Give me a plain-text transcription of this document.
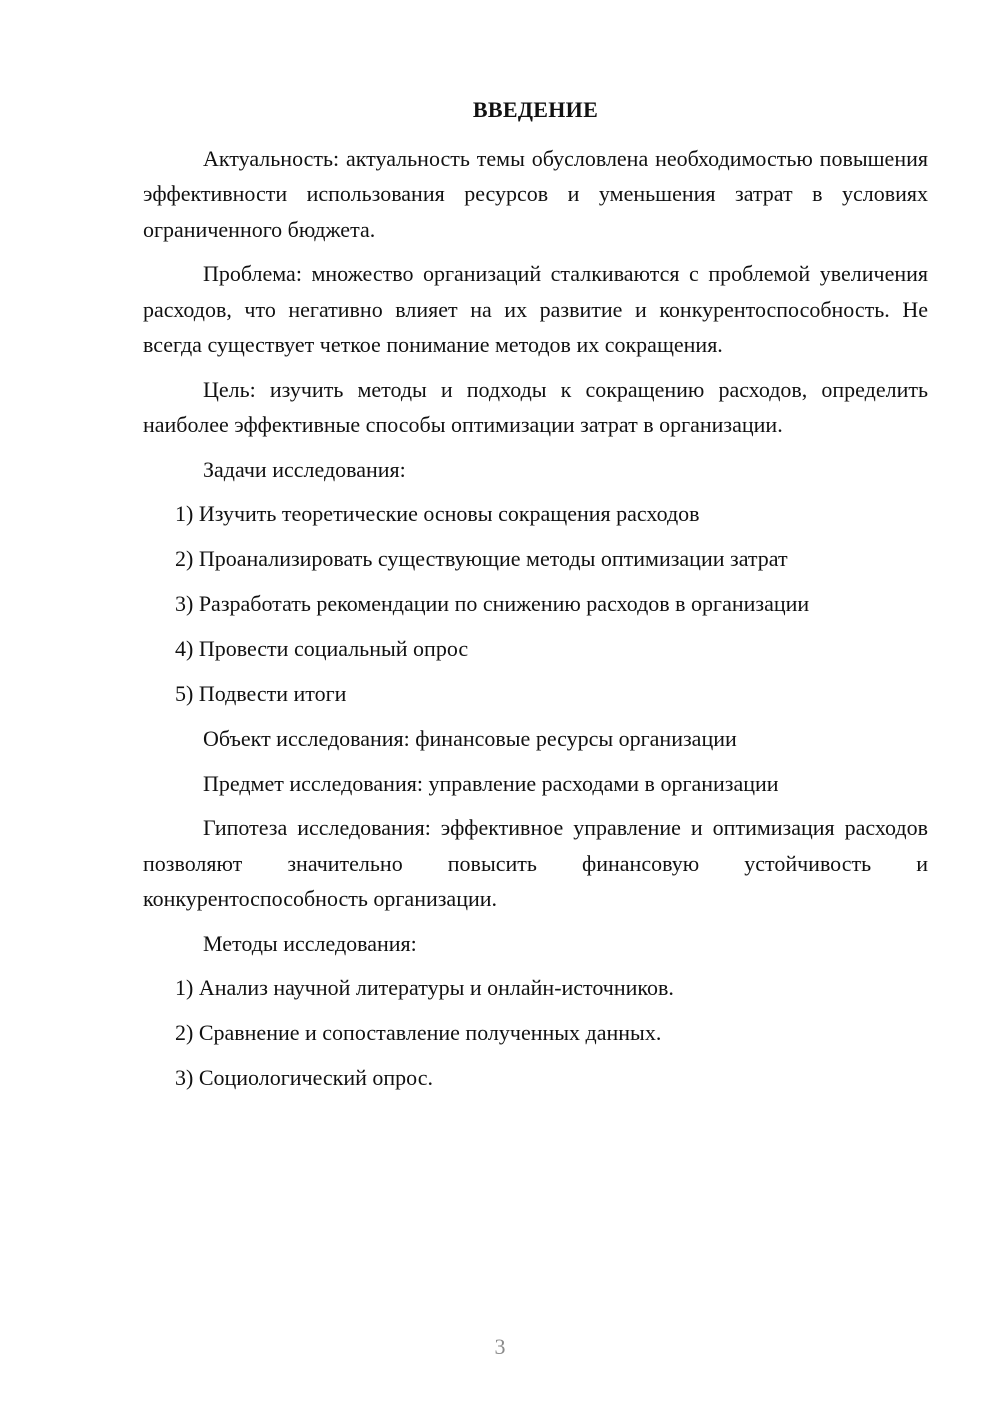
ВВЕДЕНИЕ

Актуальность: актуальность темы обусловлена необходимостью повышения эффективности использования ресурсов и уменьшения затрат в условиях ограниченного бюджета.

Проблема: множество организаций сталкиваются с проблемой увеличения расходов, что негативно влияет на их развитие и конкурентоспособность. Не всегда существует четкое понимание методов их сокращения.

Цель: изучить методы и подходы к сокращению расходов, определить наиболее эффективные способы оптимизации затрат в организации.

Задачи исследования:

1) Изучить теоретические основы сокращения расходов
2) Проанализировать существующие методы оптимизации затрат
3) Разработать рекомендации по снижению расходов в организации
4) Провести социальный опрос
5) Подвести итоги

Объект исследования: финансовые ресурсы организации

Предмет исследования: управление расходами в организации

Гипотеза исследования: эффективное управление и оптимизация расходов позволяют значительно повысить финансовую устойчивость и конкурентоспособность организации.

Методы исследования:

1) Анализ научной литературы и онлайн-источников.
2) Сравнение и сопоставление полученных данных.
3) Социологический опрос.
3
